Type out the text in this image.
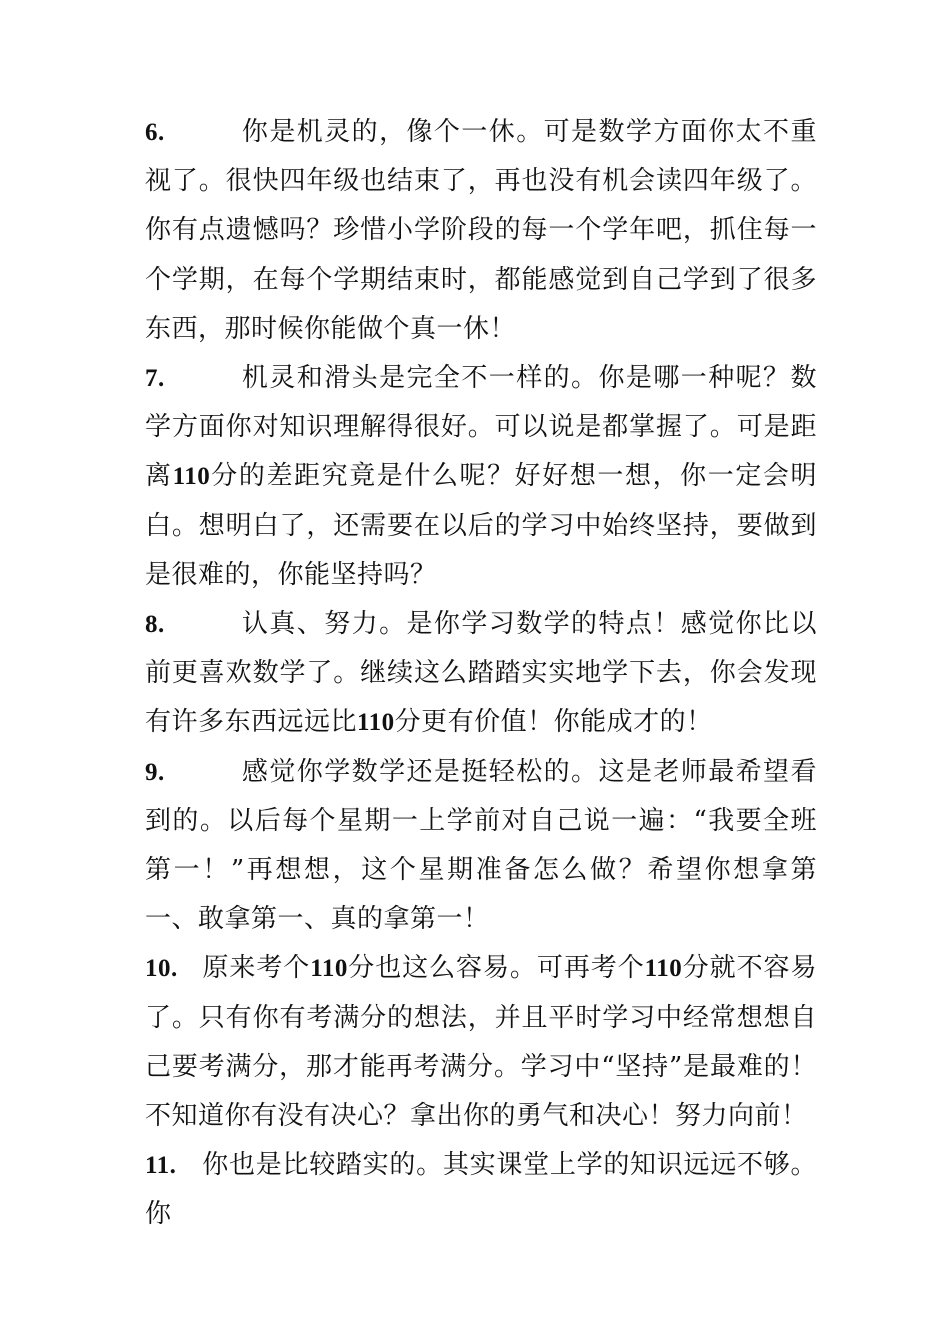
6.	你是机灵的，像个一休。可是数学方面你太不重视了。很快四年级也结束了，再也没有机会读四年级了。你有点遗憾吗？珍惜小学阶段的每一个学年吧，抓住每一个学期，在每个学期结束时，都能感觉到自己学到了很多东西，那时候你能做个真一休！

7.	机灵和滑头是完全不一样的。你是哪一种呢？数学方面你对知识理解得很好。可以说是都掌握了。可是距离110分的差距究竟是什么呢？好好想一想，你一定会明白。想明白了，还需要在以后的学习中始终坚持，要做到是很难的，你能坚持吗？

8.	认真、努力。是你学习数学的特点！感觉你比以前更喜欢数学了。继续这么踏踏实实地学下去，你会发现有许多东西远远比110分更有价值！你能成才的！

9.	感觉你学数学还是挺轻松的。这是老师最希望看到的。以后每个星期一上学前对自己说一遍：“我要全班第一！”再想想，这个星期准备怎么做？希望你想拿第一、敢拿第一、真的拿第一！

10. 原来考个110分也这么容易。可再考个110分就不容易了。只有你有考满分的想法，并且平时学习中经常想想自己要考满分，那才能再考满分。学习中“坚持”是最难的！不知道你有没有决心？拿出你的勇气和决心！努力向前！

11. 你也是比较踏实的。其实课堂上学的知识远远不够。你
